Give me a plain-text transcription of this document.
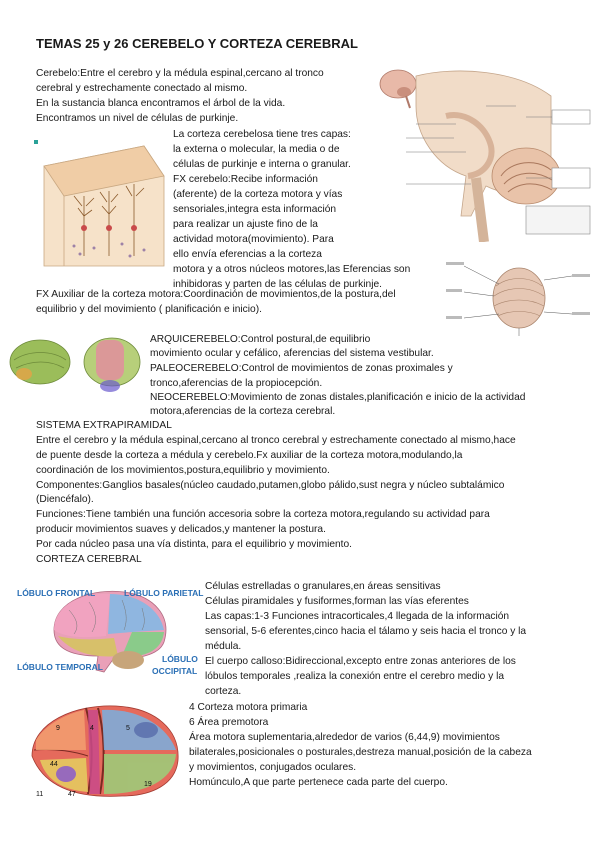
TEMAS 25 y 26 CEREBELO Y CORTEZA CEREBRAL
Cerebelo:Entre el cerebro y la médula espinal,cercano al tronco
cerebral y estrechamente conectado al mismo.
En la sustancia blanca encontramos el árbol de la vida.
Encontramos un nivel de células de purkinje.
La corteza cerebelosa tiene tres capas:
la externa o molecular, la media o de
células de purkinje e interna o granular.
FX cerebelo:Recibe información
(aferente) de la corteza motora y vías
sensoriales,integra esta información
para realizar un ajuste fino de la
actividad motora(movimiento). Para
ello envía eferencias a la corteza
motora y a otros núcleos motores,las Eferencias son
inhibidoras y parten de las células de purkinje.
FX Auxiliar de la corteza motora:Coordinación de movimientos,de la postura,del
equilibrio y del movimiento ( planificación e inicio).
ARQUICEREBELO:Control postural,de equilibrio
movimiento ocular y cefálico, aferencias del sistema vestibular.
PALEOCEREBELO:Control de movimientos de zonas proximales y
tronco,aferencias de la propiocepción.
NEOCEREBELO:Movimiento de zonas distales,planificación e inicio de la actividad
motora,aferencias de la corteza cerebral.
SISTEMA EXTRAPIRAMIDAL
Entre el cerebro y la médula espinal,cercano al tronco cerebral y estrechamente conectado al mismo,hace
de puente desde la corteza a médula y cerebelo.Fx auxiliar de la corteza motora,modulando,la
coordinación de los movimientos,postura,equilibrio y movimiento.
Componentes:Ganglios basales(núcleo caudado,putamen,globo pálido,sust negra y núcleo subtalámico
(Diencéfalo).
Funciones:Tiene también una función accesoria sobre la corteza motora,regulando su actividad para
producir movimientos suaves y delicados,y mantener la postura.
Por cada núcleo pasa una vía distinta, para el equilibrio y movimiento.
CORTEZA CEREBRAL
LÓBULO FRONTAL	LÓBULO PARIETAL
LÓBULO TEMPORAL
LÓBULO
OCCIPITAL
Células estrelladas o granulares,en áreas sensitivas
Células piramidales y fusiformes,forman las vías eferentes
Las capas:1-3 Funciones intracorticales,4 llegada de la información
sensorial, 5-6 eferentes,cinco hacia el tálamo y seis hacia el tronco y la
médula.
El cuerpo calloso:Bidireccional,excepto entre zonas anteriores de los
lóbulos temporales ,realiza la conexión entre el cerebro medio y la
corteza.
9	4	5
44
11	47
19
4 Corteza motora primaria
6 Área premotora
Área motora suplementaria,alrededor de varios (6,44,9) movimientos
bilaterales,posicionales o posturales,destreza manual,posición de la cabeza
y movimientos, conjugados oculares.
Homúnculo,A que parte pertenece cada parte del cuerpo.
